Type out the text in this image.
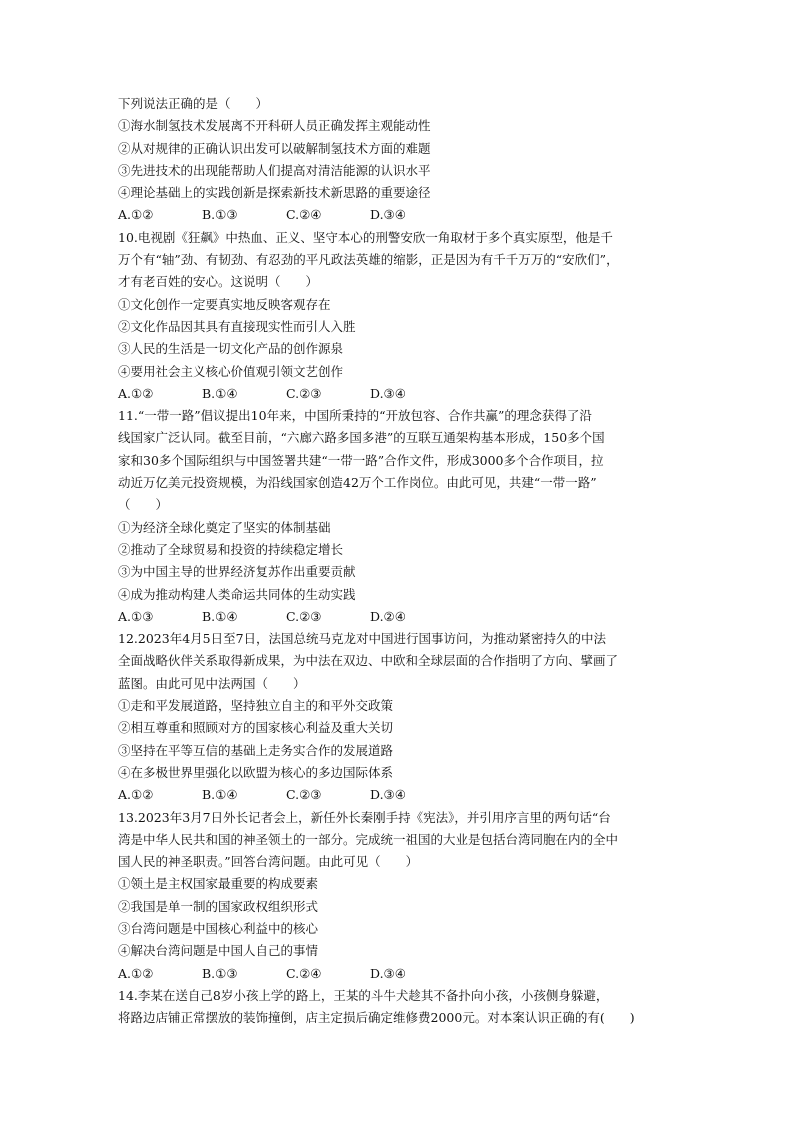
下列说法正确的是（　　）
①海水制氢技术发展离不开科研人员正确发挥主观能动性
②从对规律的正确认识出发可以破解制氢技术方面的难题
③先进技术的出现能帮助人们提高对清洁能源的认识水平
④理论基础上的实践创新是探索新技术新思路的重要途径
A.①②	B.①③	C.②④	D.③④
10.电视剧《狂飙》中热血、正义、坚守本心的刑警安欣一角取材于多个真实原型，他是千
万个有“轴”劲、有韧劲、有忍劲的平凡政法英雄的缩影，正是因为有千千万万的“安欣们”，
才有老百姓的安心。这说明（　　）
①文化创作一定要真实地反映客观存在
②文化作品因其具有直接现实性而引人入胜
③人民的生活是一切文化产品的创作源泉
④要用社会主义核心价值观引领文艺创作
A.①②	B.①④	C.②③	D.③④
11.“一带一路”倡议提出10年来，中国所秉持的“开放包容、合作共赢”的理念获得了沿
线国家广泛认同。截至目前，“六廊六路多国多港”的互联互通架构基本形成，150多个国
家和30多个国际组织与中国签署共建“一带一路”合作文件，形成3000多个合作项目，拉
动近万亿美元投资规模，为沿线国家创造42万个工作岗位。由此可见，共建“一带一路”
（　　）
①为经济全球化奠定了坚实的体制基础
②推动了全球贸易和投资的持续稳定增长
③为中国主导的世界经济复苏作出重要贡献
④成为推动构建人类命运共同体的生动实践
A.①③	B.①④	C.②③	D.②④
12.2023年4月5日至7日，法国总统马克龙对中国进行国事访问，为推动紧密持久的中法
全面战略伙伴关系取得新成果，为中法在双边、中欧和全球层面的合作指明了方向、擘画了
蓝图。由此可见中法两国（　　）
①走和平发展道路，坚持独立自主的和平外交政策
②相互尊重和照顾对方的国家核心利益及重大关切
③坚持在平等互信的基础上走务实合作的发展道路
④在多极世界里强化以欧盟为核心的多边国际体系
A.①②	B.①④	C.②③	D.③④
13.2023年3月7日外长记者会上，新任外长秦刚手持《宪法》，并引用序言里的两句话“台
湾是中华人民共和国的神圣领土的一部分。完成统一祖国的大业是包括台湾同胞在内的全中
国人民的神圣职责。”回答台湾问题。由此可见（　　）
①领土是主权国家最重要的构成要素
②我国是单一制的国家政权组织形式
③台湾问题是中国核心利益中的核心
④解决台湾问题是中国人自己的事情
A.①②	B.①③	C.②④	D.③④
14.李某在送自己8岁小孩上学的路上，王某的斗牛犬趁其不备扑向小孩，小孩侧身躲避，
将路边店铺正常摆放的装饰撞倒，店主定损后确定维修费2000元。对本案认识正确的有(　　)
